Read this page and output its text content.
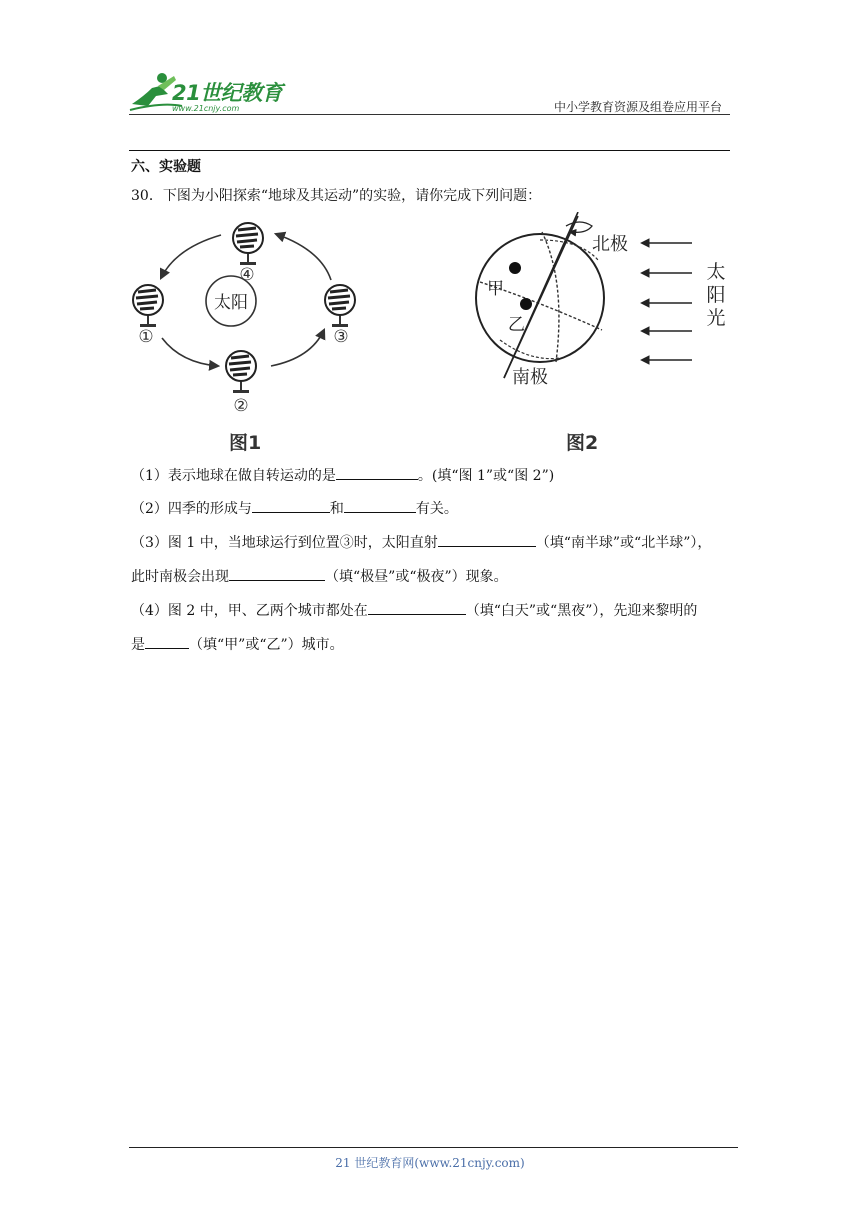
21世纪教育
www.21cnjy.com	中小学教育资源及组卷应用平台
六、实验题
30．下图为小阳探索“地球及其运动”的实验，请你完成下列问题：
太阳
④
①
②
③
图1
甲
乙
北极
南极
太
阳
光
图2
（1）表示地球在做自转运动的是	。(填“图 1”或“图 2”)
（2）四季的形成与	和	有关。
（3）图 1 中，当地球运行到位置③时，太阳直射	（填“南半球”或“北半球”），
此时南极会出现	（填“极昼”或“极夜”）现象。
（4）图 2 中，甲、乙两个城市都处在	（填“白天”或“黑夜”），先迎来黎明的
是	（填“甲”或“乙”）城市。
21 世纪教育网(www.21cnjy.com)
